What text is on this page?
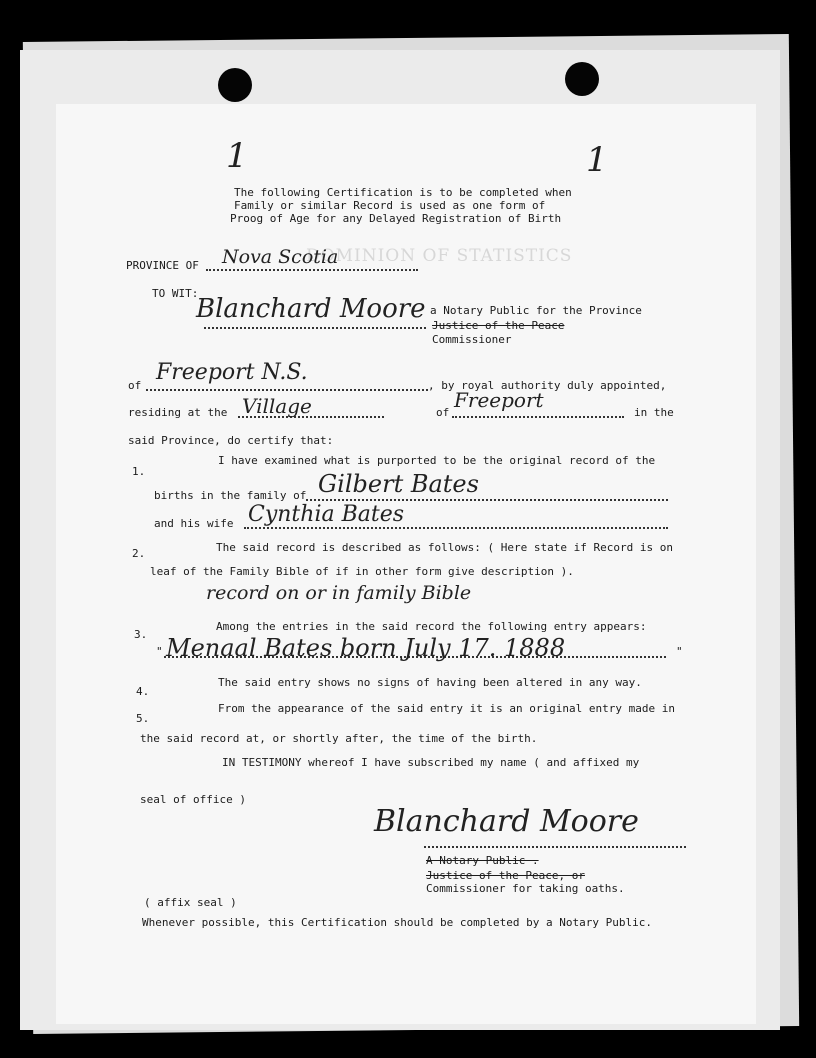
DOMINION OF STATISTICS
1	1
The following Certification is to be completed when
Family or similar Record is used as one form of
Proog of Age for any Delayed Registration of Birth
PROVINCE OF Nova Scotia
TO WIT:
Blanchard Moore a Notary Public for the Province
Justice of the Peace
Commissioner
of
Freeport N.S.
, by royal authority duly appointed,
residing at the Village	of
Freeport
in the
said Province, do certify that:
1.
I have examined what is purported to be the original record of the
births in the family of Gilbert Bates
and his wife Cynthia Bates
2.	The said record is described as follows: ( Here state if Record is on
leaf of the Family Bible of if in other form give description ).
record on or in family Bible
3.
Among the entries in the said record the following entry appears:
" Menaal Bates born July 17. 1888	"
4.
The said entry shows no signs of having been altered in any way.
5.
From the appearance of the said entry it is an original entry made in
the said record at, or shortly after, the time of the birth.
IN TESTIMONY whereof I have subscribed my name ( and affixed my
seal of office )
Blanchard Moore
A Notary Public .
Justice of the Peace, or
Commissioner for taking oaths.
( affix seal )
Whenever possible, this Certification should be completed by a Notary Public.
